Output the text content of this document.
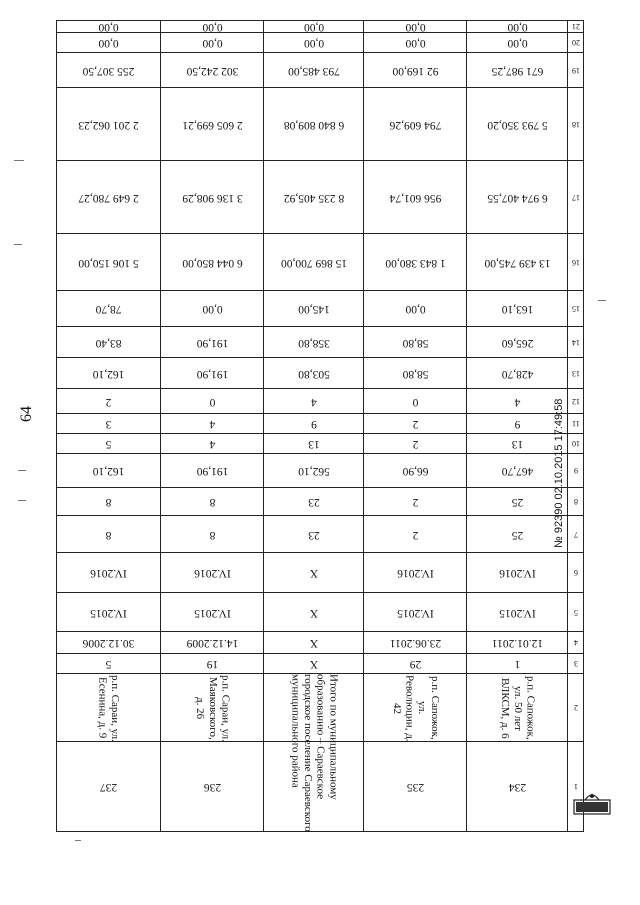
64
1
2
3
4
5
6
7
8
9
10
11
12
13
14
15
16
17
18
19
20
21
234
р.п. Сапожок, ул. 50 лет ВЛКСМ, д. 6
1
12.01.2011
IV.2015
IV.2016
25
25
467,70
13
9
4
428,70
265,60
163,10
13 439 745,00
6 974 407,55
5 793 350,20
671 987,25
0,00
0,00
235
р.п. Сапожок, ул. Революции, д. 42
29
23.06.2011
IV.2015
IV.2016
2
2
66,90
2
2
0
58,80
58,80
0,00
1 843 380,00
956 601,74
794 609,26
92 169,00
0,00
0,00
Итого по муниципальному образованию – Сараевское городское поселение Сараевского муниципального района
X
X
X
X
23
23
562,10
13
9
4
503,80
358,80
145,00
15 869 700,00
8 235 405,92
6 840 809,08
793 485,00
0,00
0,00
236
р.п. Сараи, ул. Маяковского, д. 26
19
14.12.2009
IV.2015
IV.2016
8
8
191,90
4
4
0
191,90
191,90
0,00
6 044 850,00
3 136 908,29
2 605 699,21
302 242,50
0,00
0,00
237
р.п. Сараи, ул. Есенина, д. 9
5
30.12.2006
IV.2015
IV.2016
8
8
162,10
5
3
2
162,10
83,40
78,70
5 106 150,00
2 649 780,27
2 201 062,23
255 307,50
0,00
0,00
№ 92390 02.10.2015 17:49:58
